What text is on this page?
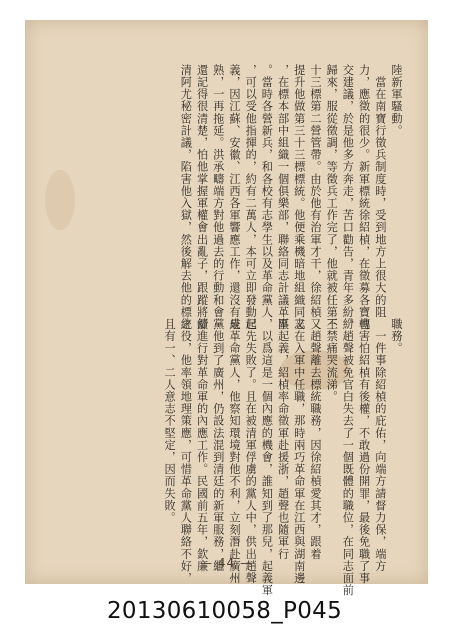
陸新軍騷動。
　當在南寶行徵兵制度時，受到地方上很大的阻
力，應徵的很少。新軍標統徐紹楨，在徵募各寶轉
交建議，於是他多方奔走，苦口勸告，青年多紛紛
歸來，服從徵調，等徵兵工作完了，他就被任第三
十三標第二營管帶。由於他有治軍才干，徐紹楨又
提升他做第三十三標標統。他便乘機暗地組織同志
，在標本部中組織一個俱樂部，聯絡同志計議革事
。當時各營新兵，和各校有志學生以及革命黨人
，可以受他指揮的，約有二萬人，本可立即發動起
義，因江蘇、安徽、江西各軍響應工作，還沒有成
熟，一再拖延。洪承疇端方對他過去的行動和會黨
還記得很清楚，怕他掌握軍權會出亂子，跟蹤將舒
清阿尤秘密計議，陷害他入獄，然後解去他的標統
職務。
　一件事除紹楨的庇佑，向端方請督力保，端方
也害怕紹楨有後權，不敢過份開罪，最後免職了事
。趙聲被免官白失去了一個既體的職位，在同志面前
不禁痛哭流涕。
　趙聲離去標統職務，因徐紹楨愛其才，跟着
又在入軍中任職，那時兩巧革命軍在江西與湖南邊
區起義，紹楨率命徵軍赴援浙，趙聲也隨軍行
，以爲這是一個內應的機會，誰知到了那兒，起義軍
已先失敗了。且在被清軍俘虜的黨人中，供出趙聲
是革命黨人，他察知環境對他不利，立刻潛赴廣州
　他到了廣州，仍設法混到清廷的新軍服務，繼
續進行對革命軍的內應工作。民國前五年，欽廉
之役，他率領地理策應，可惜革命黨人聯絡不好，
且有一、二人意志不堅定，因而失敗。
— 44 —
20130610058_P045
